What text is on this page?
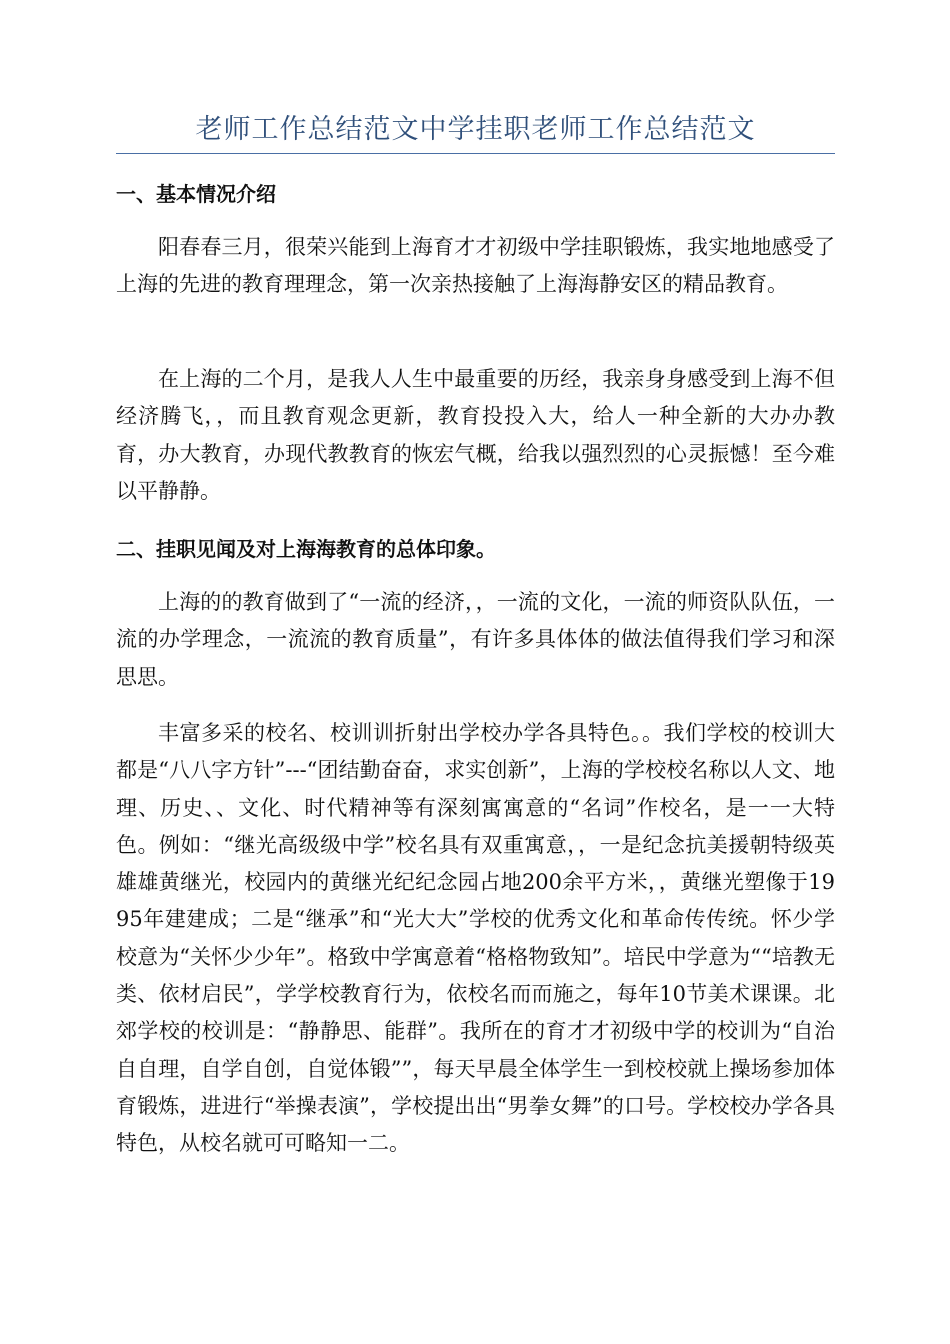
老师工作总结范文中学挂职老师工作总结范文
一、基本情况介绍

阳春春三月，很荣兴能到上海育才才初级中学挂职锻炼，我实地地感受了上海的先进的教育理理念，第一次亲热接触了上海海静安区的精品教育。

在上海的二个月，是我人人生中最重要的历经，我亲身身感受到上海不但经济腾飞，，而且教育观念更新，教育投投入大，给人一种全新的大办办教育，办大教育，办现代教教育的恢宏气概，给我以强烈烈的心灵振憾！至今难以平静静。

二、挂职见闻及对上海海教育的总体印象。

上海的的教育做到了“一流的经济，，一流的文化，一流的师资队队伍，一流的办学理念，一流流的教育质量”，有许多具体体的做法值得我们学习和深思思。

丰富多采的校名、校训训折射出学校办学各具特色。。我们学校的校训大都是“八八字方针”---“团结勤奋奋，求实创新”，上海的学校校名称以人文、地理、历史、、文化、时代精神等有深刻寓寓意的“名词”作校名，是一一大特色。例如：“继光高级级中学”校名具有双重寓意，，一是纪念抗美援朝特级英雄雄黄继光，校园内的黄继光纪纪念园占地200余平方米，，黄继光塑像于1995年建建成；二是“继承”和“光大大”学校的优秀文化和革命传传统。怀少学校意为“关怀少少年”。格致中学寓意着“格格物致知”。培民中学意为““培教无类、依材启民”，学学校教育行为，依校名而而施之，每年10节美术课课。北郊学校的校训是：“静静思、能群”。我所在的育才才初级中学的校训为“自治自自理，自学自创，自觉体锻””，每天早晨全体学生一到校校就上操场参加体育锻炼，进进行“举操表演”，学校提出出“男拳女舞”的口号。学校校办学各具特色，从校名就可可略知一二。
